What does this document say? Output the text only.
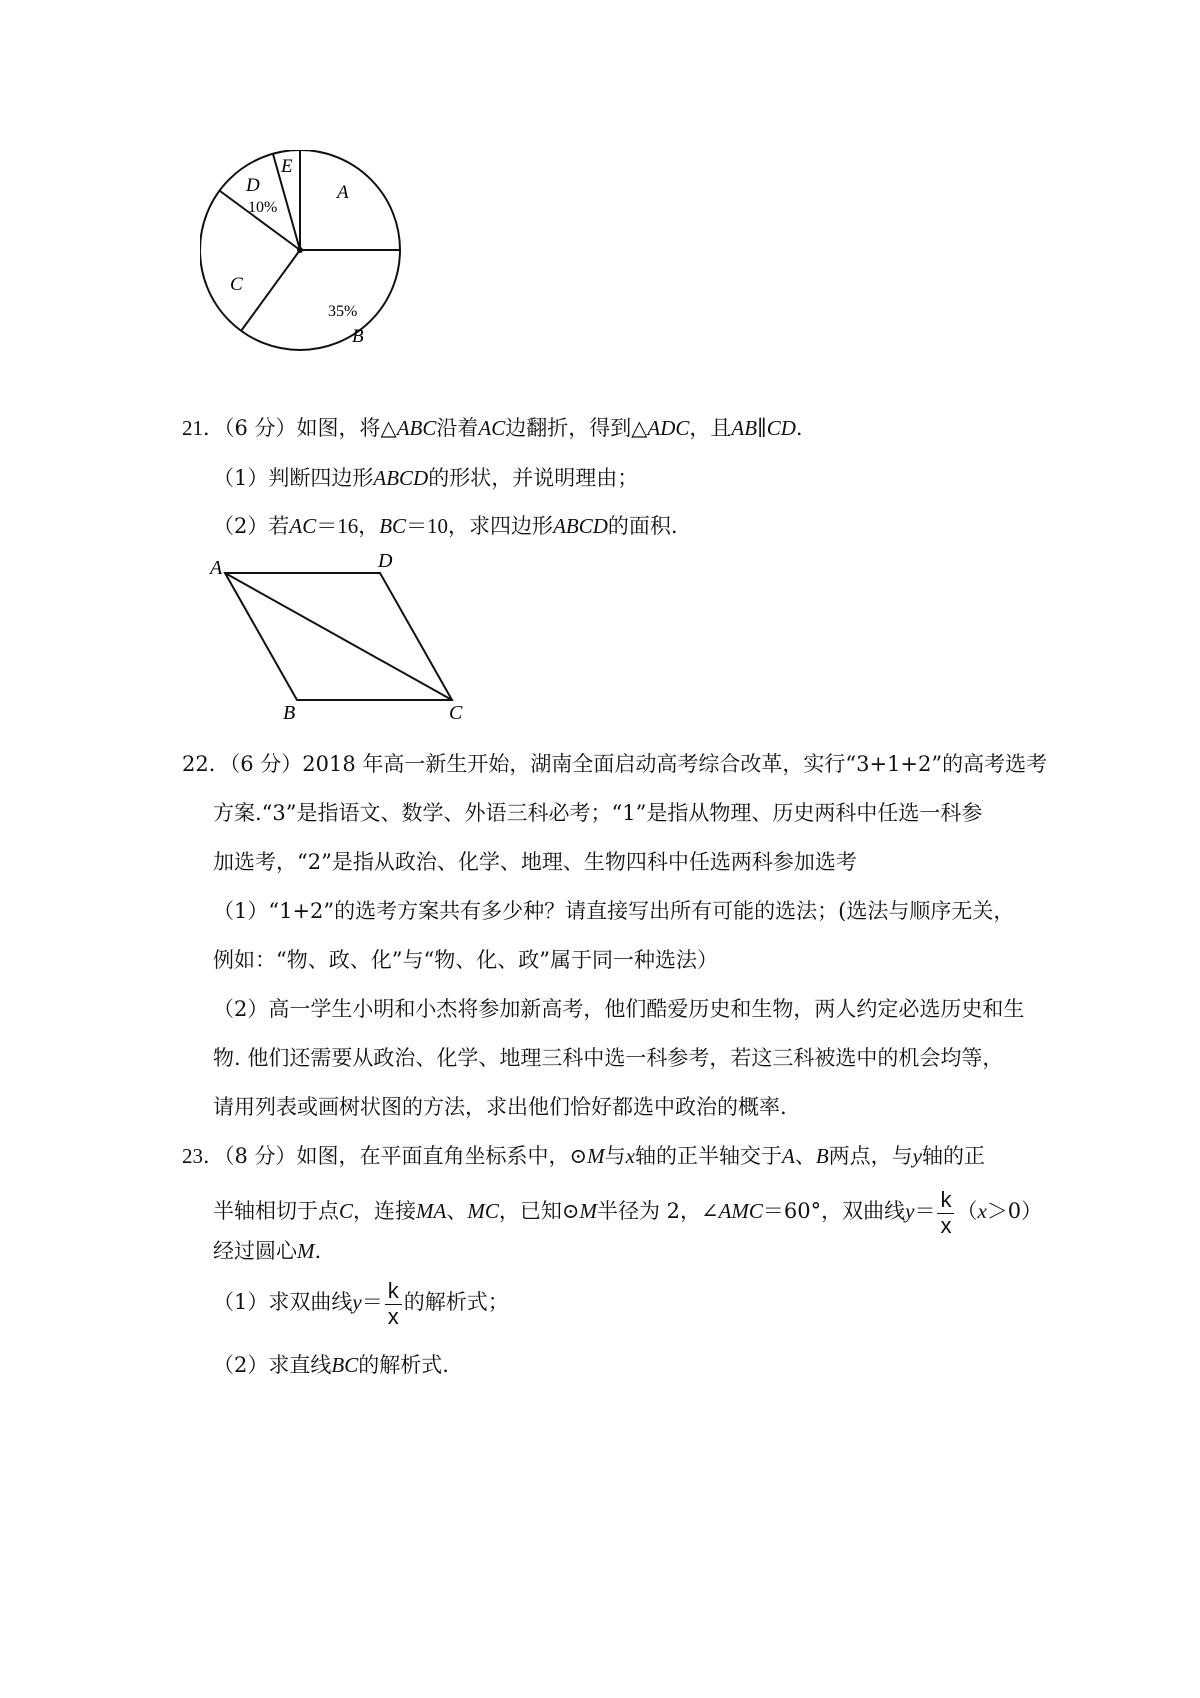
A
E
D
10%
C
35%
B
21．（6 分）如图，将△ABC沿着AC边翻折，得到△ADC，且AB∥CD.
（1）判断四边形ABCD的形状，并说明理由；
（2）若AC＝16，BC＝10，求四边形ABCD的面积.
A	D
B	C
22．（6 分）2018 年高一新生开始，湖南全面启动高考综合改革，实行“3+1+2”的高考选考
方案.“3”是指语文、数学、外语三科必考；“1”是指从物理、历史两科中任选一科参
加选考，“2”是指从政治、化学、地理、生物四科中任选两科参加选考
（1）“1+2”的选考方案共有多少种？请直接写出所有可能的选法；(选法与顺序无关，
例如：“物、政、化”与“物、化、政”属于同一种选法）
（2）高一学生小明和小杰将参加新高考，他们酷爱历史和生物，两人约定必选历史和生
物. 他们还需要从政治、化学、地理三科中选一科参考，若这三科被选中的机会均等，
请用列表或画树状图的方法，求出他们恰好都选中政治的概率.
23．（8 分）如图，在平面直角坐标系中，⊙M与x轴的正半轴交于A、B两点，与y轴的正
半轴相切于点C，连接MA、MC，已知⊙M半径为 2，∠AMC＝60°，双曲线$y= \frac{k}{x} (x>0)$
经过圆心M.
（1）求双曲线$y= \frac{k}{x}$ 的解析式；
（2）求直线BC的解析式.
